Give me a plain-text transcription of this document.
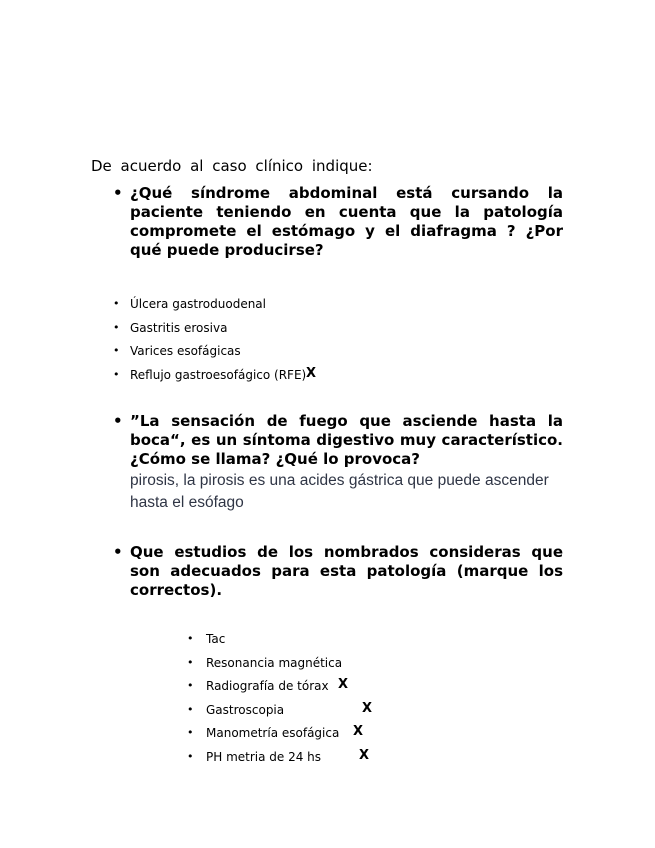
De acuerdo al caso clínico indique:
• ¿Qué síndrome abdominal está cursando la paciente teniendo en cuenta que la patología compromete el estómago y el diafragma ? ¿Por qué puede producirse?
• Úlcera gastroduodenal
• Gastritis erosiva
• Varices esofágicas
• Reflujo gastroesofágico (RFE) X
• ”La sensación de fuego que asciende hasta la boca“, es un síntoma digestivo muy característico. ¿Cómo se llama? ¿Qué lo provoca?
pirosis, la pirosis es una acides gástrica que puede ascender hasta el esófago
• Que estudios de los nombrados consideras que son adecuados para esta patología (marque los correctos).
• Tac
• Resonancia magnética
• Radiografía de tórax X
• Gastroscopia	X
• Manometría esofágica X
• PH metria de 24 hs	X
